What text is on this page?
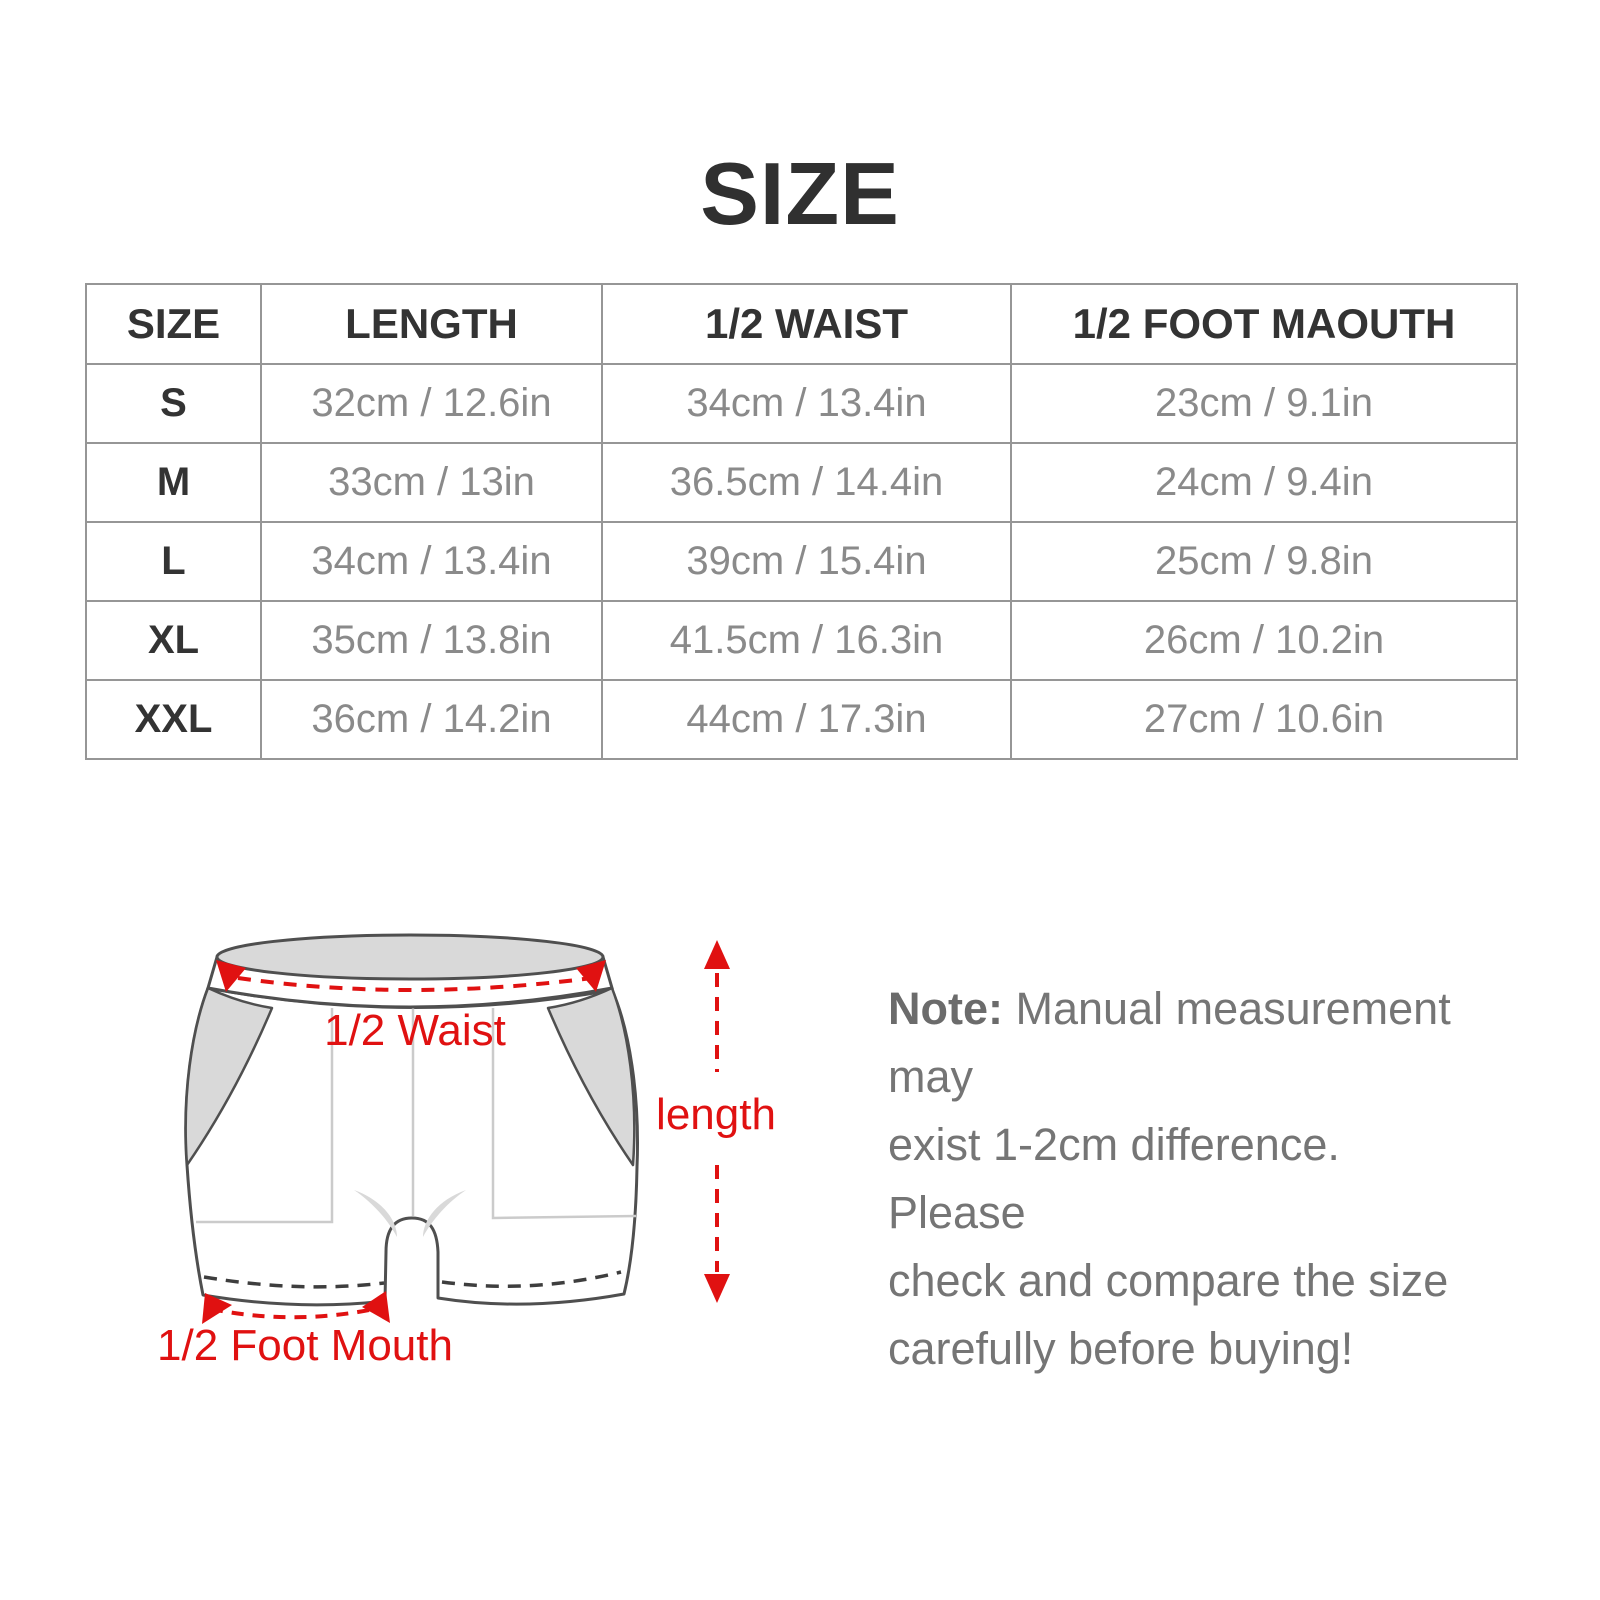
SIZE
SIZE	LENGTH	1/2 WAIST	1/2 FOOT MAOUTH
S	32cm / 12.6in	34cm / 13.4in	23cm / 9.1in
M	33cm / 13in	36.5cm / 14.4in	24cm / 9.4in
L	34cm / 13.4in	39cm / 15.4in	25cm / 9.8in
XL	35cm / 13.8in	41.5cm / 16.3in	26cm / 10.2in
XXL	36cm / 14.2in	44cm / 17.3in	27cm / 10.6in
1/2 Waist
length
1/2 Foot Mouth
Note: Manual measurement may
exist 1-2cm difference. Please
check and compare the size
carefully before buying!
